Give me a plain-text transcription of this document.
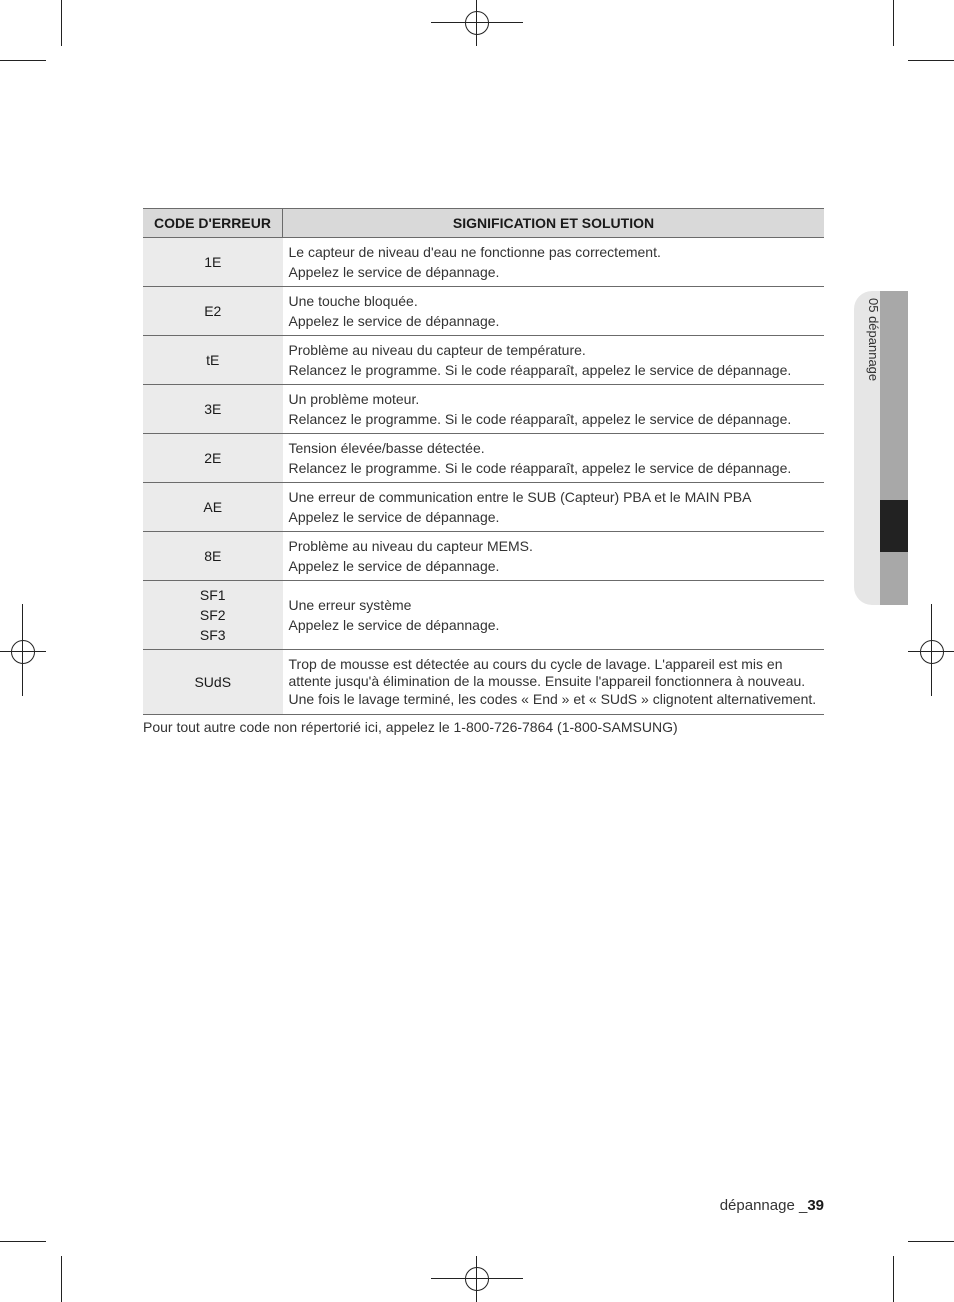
CODE D'ERREUR	SIGNIFICATION ET SOLUTION
1E	Le capteur de niveau d'eau ne fonctionne pas correctement.
Appelez le service de dépannage.

E2	Une touche bloquée.
Appelez le service de dépannage.

tE	Problème au niveau du capteur de température.
Relancez le programme. Si le code réapparaît, appelez le service de dépannage.

3E	Un problème moteur.
Relancez le programme. Si le code réapparaît, appelez le service de dépannage.

2E	Tension élevée/basse détectée.
Relancez le programme. Si le code réapparaît, appelez le service de dépannage.

AE	Une erreur de communication entre le SUB (Capteur) PBA et le MAIN PBA
Appelez le service de dépannage.

8E	Problème au niveau du capteur MEMS.
Appelez le service de dépannage.

SF1
SF2
SF3	Une erreur système
Appelez le service de dépannage.

SUdS	Trop de mousse est détectée au cours du cycle de lavage. L'appareil est mis en attente jusqu'à élimination de la mousse. Ensuite l'appareil fonctionnera à nouveau. Une fois le lavage terminé, les codes « End » et « SUdS » clignotent alternativement.
Pour tout autre code non répertorié ici, appelez le 1-800-726-7864 (1-800-SAMSUNG)
05 dépannage
dépannage _39
